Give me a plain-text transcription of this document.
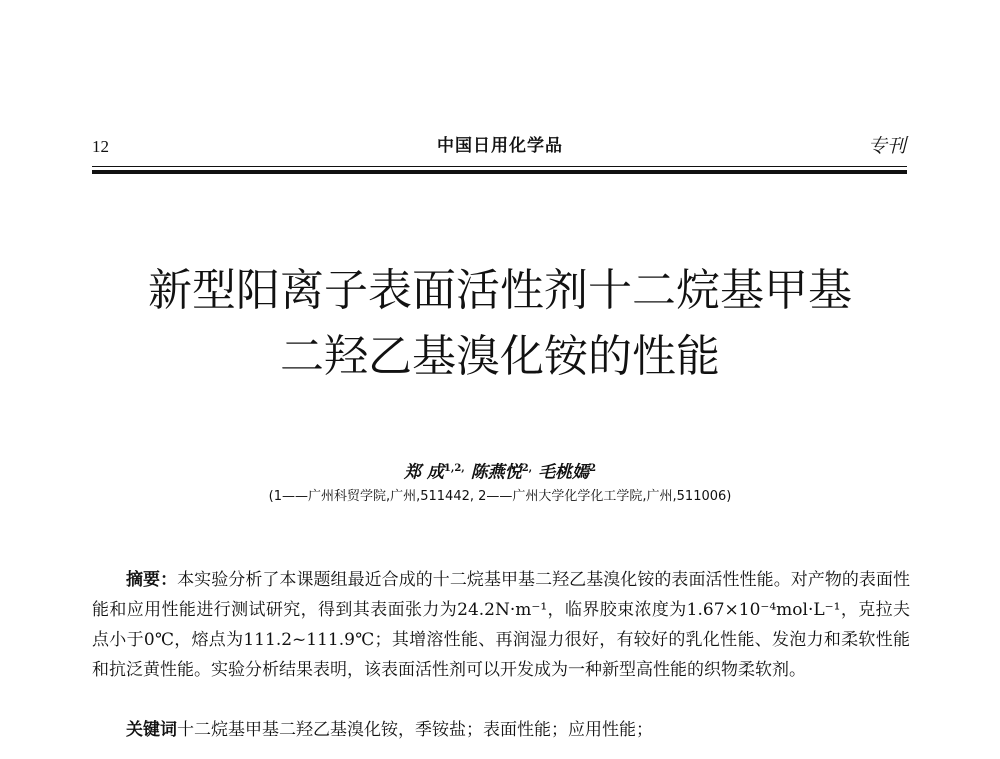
12	中国日用化学品	专刊
新型阳离子表面活性剂十二烷基甲基
二羟乙基溴化铵的性能
郑 成$^{1,2,}$ 陈燕悦$^{2,}$ 毛桃嫣$^2$
(1——广州科贸学院,广州,511442, 2——广州大学化学化工学院,广州,511006)

摘要：本实验分析了本课题组最近合成的十二烷基甲基二羟乙基溴化铵的表面活性性能。对产物的表面性能和应用性能进行测试研究，得到其表面张力为24.2N·m⁻¹，临界胶束浓度为1.67×10⁻⁴mol·L⁻¹，克拉夫点小于0℃，熔点为111.2~111.9℃；其增溶性能、再润湿力很好，有较好的乳化性能、发泡力和柔软性能和抗泛黄性能。实验分析结果表明，该表面活性剂可以开发成为一种新型高性能的织物柔软剂。

关键词十二烷基甲基二羟乙基溴化铵，季铵盐；表面性能；应用性能；
